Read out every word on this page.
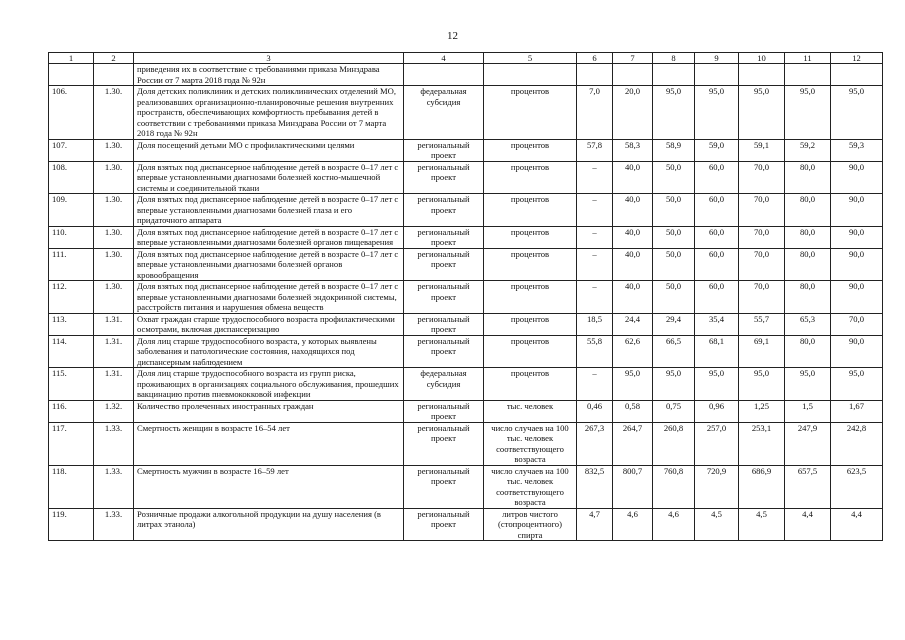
12
1	2	3	4	5	6	7	8	9	10	11	12
		приведения их в соответствие с требованиями приказа Минздрава России от 7 марта 2018 года № 92н									
106.	1.30.	Доля детских поликлиник и детских поликлинических отделений МО, реализовавших организационно-планировочные решения внутренних пространств, обеспечивающих комфортность пребывания детей в соответствии с требованиями приказа Минздрава России от 7 марта 2018 года № 92н	федеральная субсидия	процентов	7,0	20,0	95,0	95,0	95,0	95,0	95,0
107.	1.30.	Доля посещений детьми МО с профилактическими целями	региональный проект	процентов	57,8	58,3	58,9	59,0	59,1	59,2	59,3
108.	1.30.	Доля взятых под диспансерное наблюдение детей в возрасте 0–17 лет с впервые установленными диагнозами болезней костно-мышечной системы и соединительной ткани	региональный проект	процентов	–	40,0	50,0	60,0	70,0	80,0	90,0
109.	1.30.	Доля взятых под диспансерное наблюдение детей в возрасте 0–17 лет с впервые установленными диагнозами болезней глаза и его придаточного аппарата	региональный проект	процентов	–	40,0	50,0	60,0	70,0	80,0	90,0
110.	1.30.	Доля взятых под диспансерное наблюдение детей в возрасте 0–17 лет с впервые установленными диагнозами болезней органов пищеварения	региональный проект	процентов	–	40,0	50,0	60,0	70,0	80,0	90,0
111.	1.30.	Доля взятых под диспансерное наблюдение детей в возрасте 0–17 лет с впервые установленными диагнозами болезней органов кровообращения	региональный проект	процентов	–	40,0	50,0	60,0	70,0	80,0	90,0
112.	1.30.	Доля взятых под диспансерное наблюдение детей в возрасте 0–17 лет с впервые установленными диагнозами болезней эндокринной системы, расстройств питания и нарушения обмена веществ	региональный проект	процентов	–	40,0	50,0	60,0	70,0	80,0	90,0
113.	1.31.	Охват граждан старше трудоспособного возраста профилактическими осмотрами, включая диспансеризацию	региональный проект	процентов	18,5	24,4	29,4	35,4	55,7	65,3	70,0
114.	1.31.	Доля лиц старше трудоспособного возраста, у которых выявлены заболевания и патологические состояния, находящихся под диспансерным наблюдением	региональный проект	процентов	55,8	62,6	66,5	68,1	69,1	80,0	90,0
115.	1.31.	Доля лиц старше трудоспособного возраста из групп риска, проживающих в организациях социального обслуживания, прошедших вакцинацию против пневмококковой инфекции	федеральная субсидия	процентов	–	95,0	95,0	95,0	95,0	95,0	95,0
116.	1.32.	Количество пролеченных иностранных граждан	региональный проект	тыс. человек	0,46	0,58	0,75	0,96	1,25	1,5	1,67
117.	1.33.	Смертность женщин в возрасте 16–54 лет	региональный проект	число случаев на 100 тыс. человек соответствующего возраста	267,3	264,7	260,8	257,0	253,1	247,9	242,8
118.	1.33.	Смертность мужчин в возрасте 16–59 лет	региональный проект	число случаев на 100 тыс. человек соответствующего возраста	832,5	800,7	760,8	720,9	686,9	657,5	623,5
119.	1.33.	Розничные продажи алкогольной продукции на душу населения (в литрах этанола)	региональный проект	литров чистого (стопроцентного) спирта	4,7	4,6	4,6	4,5	4,5	4,4	4,4
